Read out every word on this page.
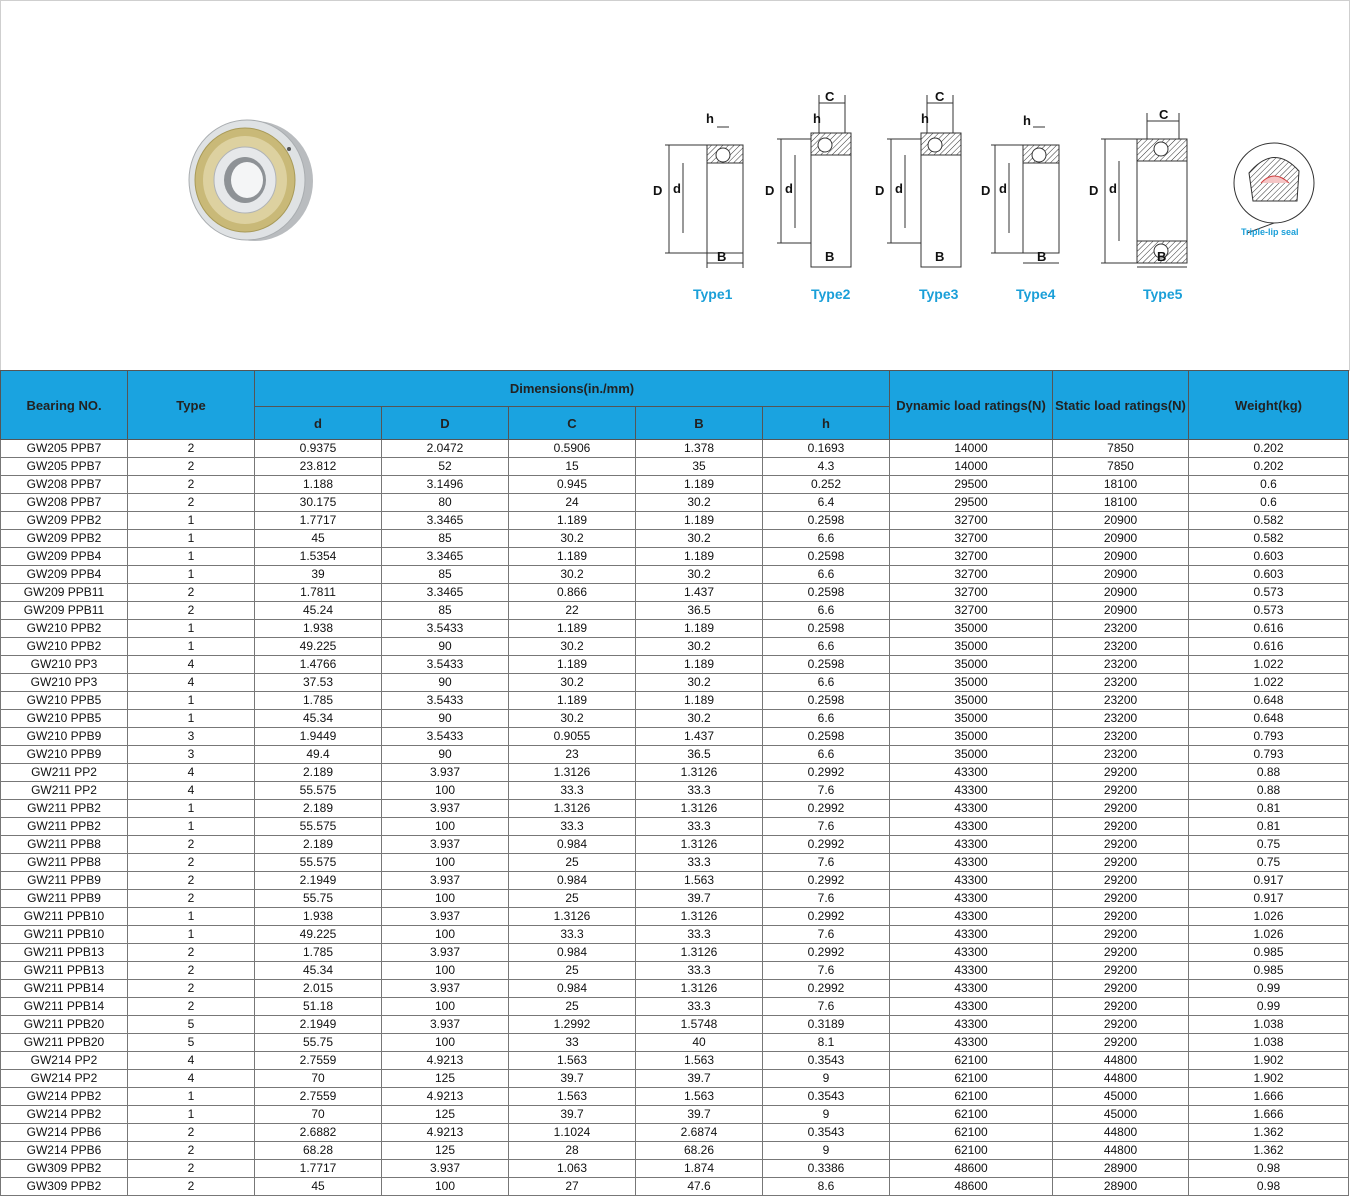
h
D d
B
C
h
D d
B
C
h
D d
B
h
D d
B
C
D d
B
Type1	Type2	Type3	Type4	Type5
Triple-lip seal
Bearing NO.	Type	Dimensions(in./mm)					Dynamic load ratings(N)	Static load ratings(N)	Weight(kg)
		d	D	C	B	h			
GW205 PPB7	2	0.9375	2.0472	0.5906	1.378	0.1693	14000	7850	0.202
GW205 PPB7	2	23.812	52	15	35	4.3	14000	7850	0.202
GW208 PPB7	2	1.188	3.1496	0.945	1.189	0.252	29500	18100	0.6
GW208 PPB7	2	30.175	80	24	30.2	6.4	29500	18100	0.6
GW209 PPB2	1	1.7717	3.3465	1.189	1.189	0.2598	32700	20900	0.582
GW209 PPB2	1	45	85	30.2	30.2	6.6	32700	20900	0.582
GW209 PPB4	1	1.5354	3.3465	1.189	1.189	0.2598	32700	20900	0.603
GW209 PPB4	1	39	85	30.2	30.2	6.6	32700	20900	0.603
GW209 PPB11	2	1.7811	3.3465	0.866	1.437	0.2598	32700	20900	0.573
GW209 PPB11	2	45.24	85	22	36.5	6.6	32700	20900	0.573
GW210 PPB2	1	1.938	3.5433	1.189	1.189	0.2598	35000	23200	0.616
GW210 PPB2	1	49.225	90	30.2	30.2	6.6	35000	23200	0.616
GW210 PP3	4	1.4766	3.5433	1.189	1.189	0.2598	35000	23200	1.022
GW210 PP3	4	37.53	90	30.2	30.2	6.6	35000	23200	1.022
GW210 PPB5	1	1.785	3.5433	1.189	1.189	0.2598	35000	23200	0.648
GW210 PPB5	1	45.34	90	30.2	30.2	6.6	35000	23200	0.648
GW210 PPB9	3	1.9449	3.5433	0.9055	1.437	0.2598	35000	23200	0.793
GW210 PPB9	3	49.4	90	23	36.5	6.6	35000	23200	0.793
GW211 PP2	4	2.189	3.937	1.3126	1.3126	0.2992	43300	29200	0.88
GW211 PP2	4	55.575	100	33.3	33.3	7.6	43300	29200	0.88
GW211 PPB2	1	2.189	3.937	1.3126	1.3126	0.2992	43300	29200	0.81
GW211 PPB2	1	55.575	100	33.3	33.3	7.6	43300	29200	0.81
GW211 PPB8	2	2.189	3.937	0.984	1.3126	0.2992	43300	29200	0.75
GW211 PPB8	2	55.575	100	25	33.3	7.6	43300	29200	0.75
GW211 PPB9	2	2.1949	3.937	0.984	1.563	0.2992	43300	29200	0.917
GW211 PPB9	2	55.75	100	25	39.7	7.6	43300	29200	0.917
GW211 PPB10	1	1.938	3.937	1.3126	1.3126	0.2992	43300	29200	1.026
GW211 PPB10	1	49.225	100	33.3	33.3	7.6	43300	29200	1.026
GW211 PPB13	2	1.785	3.937	0.984	1.3126	0.2992	43300	29200	0.985
GW211 PPB13	2	45.34	100	25	33.3	7.6	43300	29200	0.985
GW211 PPB14	2	2.015	3.937	0.984	1.3126	0.2992	43300	29200	0.99
GW211 PPB14	2	51.18	100	25	33.3	7.6	43300	29200	0.99
GW211 PPB20	5	2.1949	3.937	1.2992	1.5748	0.3189	43300	29200	1.038
GW211 PPB20	5	55.75	100	33	40	8.1	43300	29200	1.038
GW214 PP2	4	2.7559	4.9213	1.563	1.563	0.3543	62100	44800	1.902
GW214 PP2	4	70	125	39.7	39.7	9	62100	44800	1.902
GW214 PPB2	1	2.7559	4.9213	1.563	1.563	0.3543	62100	45000	1.666
GW214 PPB2	1	70	125	39.7	39.7	9	62100	45000	1.666
GW214 PPB6	2	2.6882	4.9213	1.1024	2.6874	0.3543	62100	44800	1.362
GW214 PPB6	2	68.28	125	28	68.26	9	62100	44800	1.362
GW309 PPB2	2	1.7717	3.937	1.063	1.874	0.3386	48600	28900	0.98
GW309 PPB2	2	45	100	27	47.6	8.6	48600	28900	0.98
